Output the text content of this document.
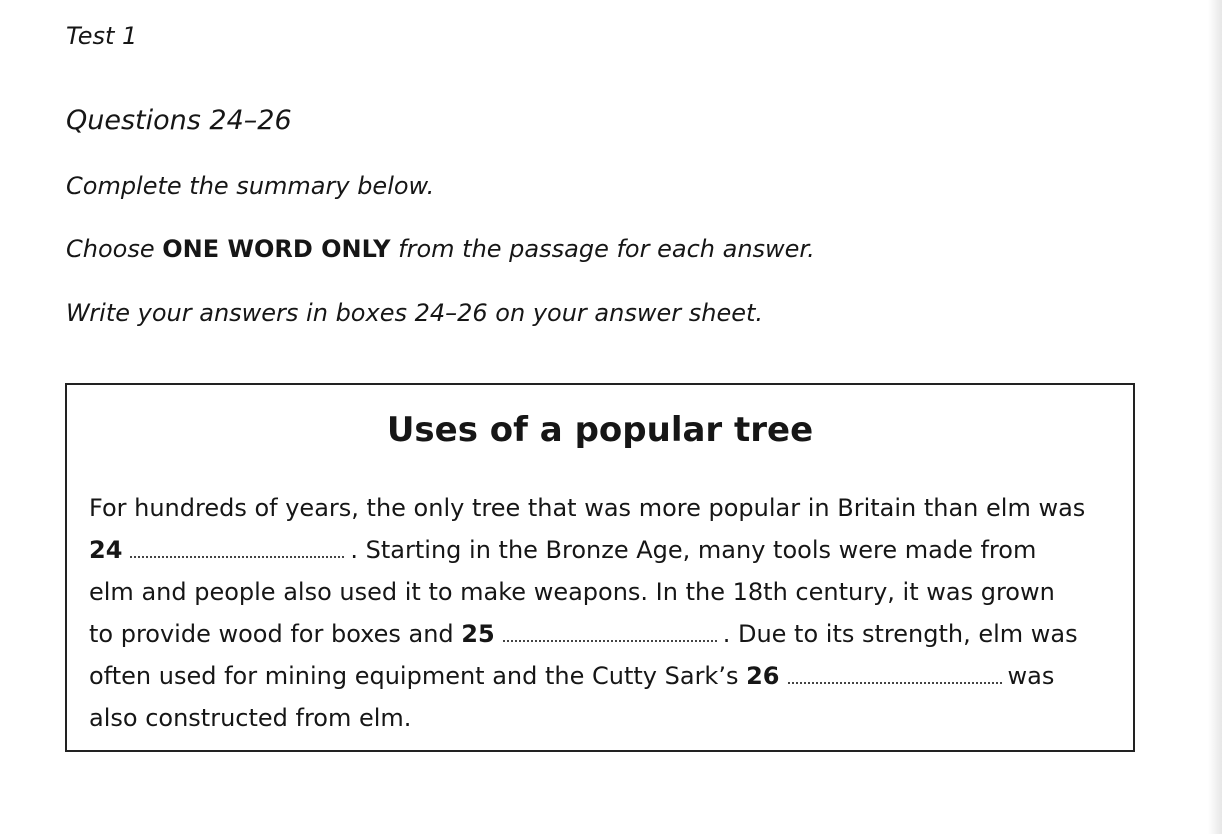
Test 1
Questions 24–26

Complete the summary below.

Choose ONE WORD ONLY from the passage for each answer.

Write your answers in boxes 24–26 on your answer sheet.

Uses of a popular tree
For hundreds of years, the only tree that was more popular in Britain than elm was
24	. Starting in the Bronze Age, many tools were made from
elm and people also used it to make weapons. In the 18th century, it was grown
to provide wood for boxes and 25	. Due to its strength, elm was
often used for mining equipment and the Cutty Sark’s 26	was
also constructed from elm.
